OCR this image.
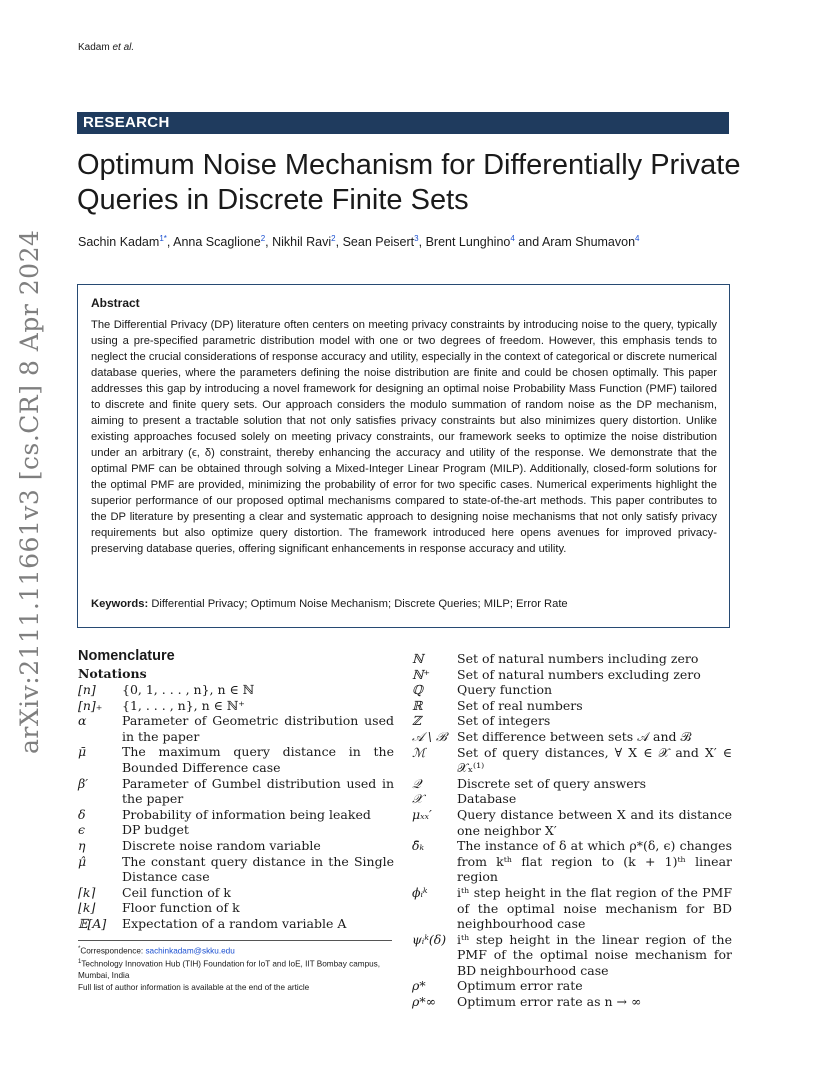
Kadam et al.
RESEARCH
Optimum Noise Mechanism for Differentially Private Queries in Discrete Finite Sets
Sachin Kadam$^{1*}$, Anna Scaglione$^2$, Nikhil Ravi$^2$, Sean Peisert$^3$, Brent Lunghino$^4$ and Aram Shumavon$^4$
arXiv:2111.11661v3 [cs.CR] 8 Apr 2024	Abstract
The Differential Privacy (DP) literature often centers on meeting privacy constraints by introducing noise to the query, typically using a pre-specified parametric distribution model with one or two degrees of freedom. However, this emphasis tends to neglect the crucial considerations of response accuracy and utility, especially in the context of categorical or discrete numerical database queries, where the parameters defining the noise distribution are finite and could be chosen optimally. This paper addresses this gap by introducing a novel framework for designing an optimal noise Probability Mass Function (PMF) tailored to discrete and finite query sets. Our approach considers the modulo summation of random noise as the DP mechanism, aiming to present a tractable solution that not only satisfies privacy constraints but also minimizes query distortion. Unlike existing approaches focused solely on meeting privacy constraints, our framework seeks to optimize the noise distribution under an arbitrary (ϵ, δ) constraint, thereby enhancing the accuracy and utility of the response. We demonstrate that the optimal PMF can be obtained through solving a Mixed-Integer Linear Program (MILP). Additionally, closed-form solutions for the optimal PMF are provided, minimizing the probability of error for two specific cases. Numerical experiments highlight the superior performance of our proposed optimal mechanisms compared to state-of-the-art methods. This paper contributes to the DP literature by presenting a clear and systematic approach to designing noise mechanisms that not only satisfy privacy requirements but also optimize query distortion. The framework introduced here opens avenues for improved privacy-preserving database queries, offering significant enhancements in response accuracy and utility.
Keywords: Differential Privacy; Optimum Noise Mechanism; Discrete Queries; MILP; Error Rate
Nomenclature
Notations
[n]	{0, 1, . . . , n}, n ∈ ℕ
[n]₊	{1, . . . , n}, n ∈ ℕ⁺
α	Parameter of Geometric distribution used in the paper
μ̄	The maximum query distance in the Bounded Difference case
β′	Parameter of Gumbel distribution used in the paper
δ	Probability of information being leaked
ϵ	DP budget
η	Discrete noise random variable
μ̂	The constant query distance in the Single Distance case
⌈k⌉	Ceil function of k
⌊k⌋	Floor function of k
𝔼[A]	Expectation of a random variable A
ℕ	Set of natural numbers including zero
ℕ⁺	Set of natural numbers excluding zero
ℚ	Query function
ℝ	Set of real numbers
ℤ	Set of integers
𝒜 \ ℬ Set difference between sets 𝒜 and ℬ
ℳ	Set of query distances, ∀ X ∈ 𝒳 and X′ ∈ 𝒳ₓ⁽¹⁾
𝒬	Discrete set of query answers
𝒳	Database
μₓₓ′	Query distance between X and its distance one neighbor X′
δ̄ₖ	The instance of δ at which ρ*(δ, ϵ) changes from kᵗʰ flat region to (k + 1)ᵗʰ linear region
ϕᵢᵏ	iᵗʰ step height in the flat region of the PMF of the optimal noise mechanism for BD neighbourhood case
ψᵢᵏ(δ) iᵗʰ step height in the linear region of the PMF of the optimal noise mechanism for BD neighbourhood case
ρ*	Optimum error rate
ρ*∞	Optimum error rate as n → ∞
*Correspondence: sachinkadam@skku.edu
$^1$Technology Innovation Hub (TIH) Foundation for IoT and IoE, IIT Bombay campus, Mumbai, India
Full list of author information is available at the end of the article
